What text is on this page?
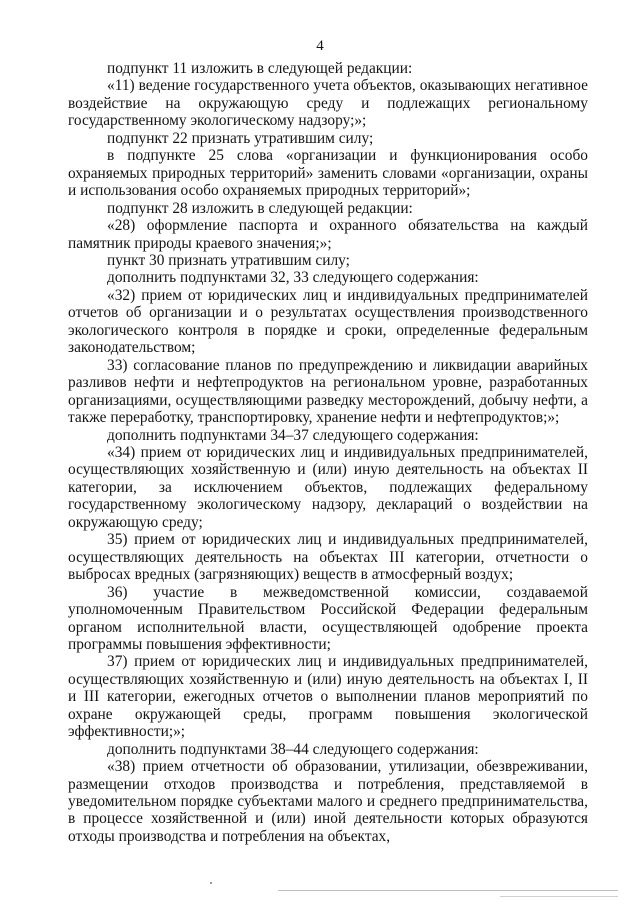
4

подпункт 11 изложить в следующей редакции:

«11) ведение государственного учета объектов, оказывающих негативное воздействие на окружающую среду и подлежащих региональному государственному экологическому надзору;»;

подпункт 22 признать утратившим силу;

в подпункте 25 слова «организации и функционирования особо охраняемых природных территорий» заменить словами «организации, охраны и использования особо охраняемых природных территорий»;

подпункт 28 изложить в следующей редакции:

«28) оформление паспорта и охранного обязательства на каждый памятник природы краевого значения;»;

пункт 30 признать утратившим силу;

дополнить подпунктами 32, 33 следующего содержания:

«32) прием от юридических лиц и индивидуальных предпринимателей отчетов об организации и о результатах осуществления производственного экологического контроля в порядке и сроки, определенные федеральным законодательством;

33) согласование планов по предупреждению и ликвидации аварийных разливов нефти и нефтепродуктов на региональном уровне, разработанных организациями, осуществляющими разведку месторождений, добычу нефти, а также переработку, транспортировку, хранение нефти и нефтепродуктов;»;

дополнить подпунктами 34–37 следующего содержания:

«34) прием от юридических лиц и индивидуальных предпринимателей, осуществляющих хозяйственную и (или) иную деятельность на объектах II категории, за исключением объектов, подлежащих федеральному государственному экологическому надзору, деклараций о воздействии на окружающую среду;

35) прием от юридических лиц и индивидуальных предпринимателей, осуществляющих деятельность на объектах III категории, отчетности о выбросах вредных (загрязняющих) веществ в атмосферный воздух;

36) участие в межведомственной комиссии, создаваемой уполномоченным Правительством Российской Федерации федеральным органом исполнительной власти, осуществляющей одобрение проекта программы повышения эффективности;

37) прием от юридических лиц и индивидуальных предпринимателей, осуществляющих хозяйственную и (или) иную деятельность на объектах I, II и III категории, ежегодных отчетов о выполнении планов мероприятий по охране окружающей среды, программ повышения экологической эффективности;»;

дополнить подпунктами 38–44 следующего содержания:

«38) прием отчетности об образовании, утилизации, обезвреживании, размещении отходов производства и потребления, представляемой в уведомительном порядке субъектами малого и среднего предпринимательства, в процессе хозяйственной и (или) иной деятельности которых образуются отходы производства и потребления на объектах,
